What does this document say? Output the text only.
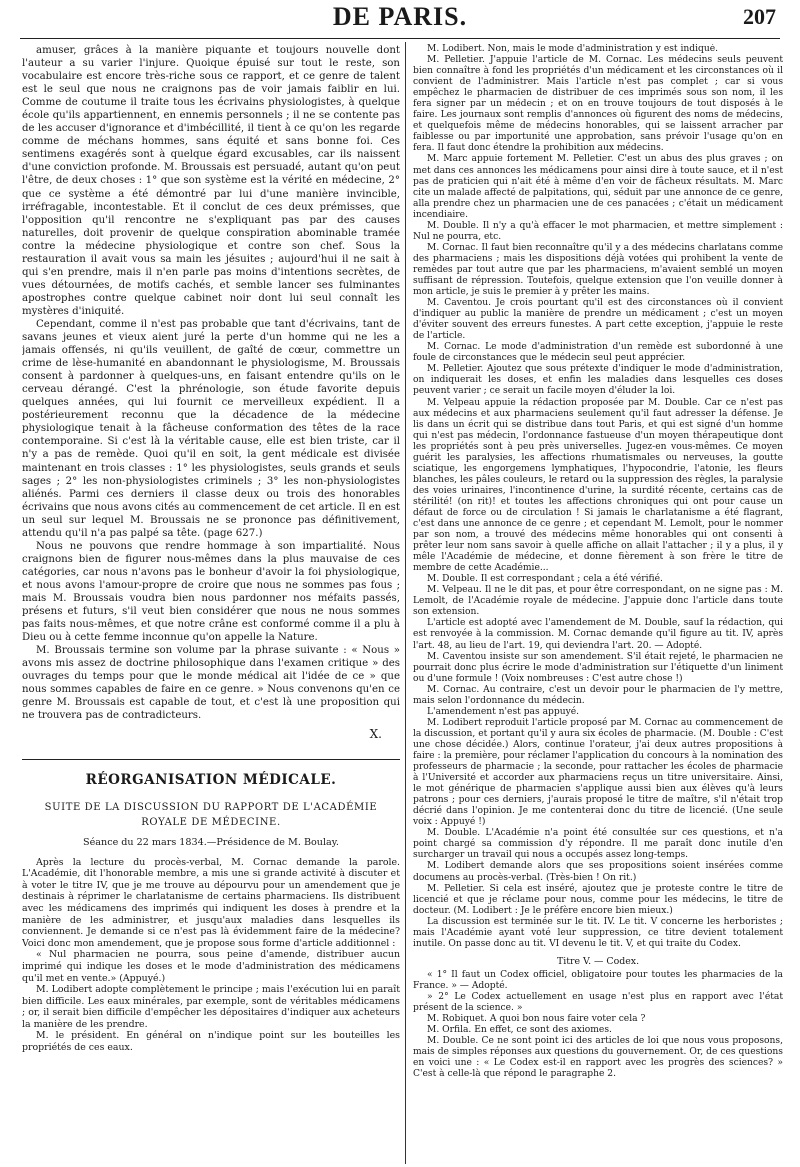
DE PARIS.	207

amuser, grâces à la manière piquante et toujours nouvelle dont l'auteur a su varier l'injure. Quoique épuisé sur tout le reste, son vocabulaire est encore très-riche sous ce rapport, et ce genre de talent est le seul que nous ne craignons pas de voir jamais faiblir en lui. Comme de coutume il traite tous les écrivains physiologistes, à quelque école qu'ils appartiennent, en ennemis personnels ; il ne se contente pas de les accuser d'ignorance et d'imbécillité, il tient à ce qu'on les regarde comme de méchans hommes, sans équité et sans bonne foi. Ces sentimens exagérés sont à quelque égard excusables, car ils naissent d'une conviction profonde. M. Broussais est persuadé, autant qu'on peut l'être, de deux choses : 1° que son système est la vérité en médecine, 2° que ce système a été démontré par lui d'une manière invincible, irréfragable, incontestable. Et il conclut de ces deux prémisses, que l'opposition qu'il rencontre ne s'expliquant pas par des causes naturelles, doit provenir de quelque conspiration abominable tramée contre la médecine physiologique et contre son chef. Sous la restauration il avait vous sa main les jésuites ; aujourd'hui il ne sait à qui s'en prendre, mais il n'en parle pas moins d'intentions secrètes, de vues détournées, de motifs cachés, et semble lancer ses fulminantes apostrophes contre quelque cabinet noir dont lui seul connaît les mystères d'iniquité.

Cependant, comme il n'est pas probable que tant d'écrivains, tant de savans jeunes et vieux aient juré la perte d'un homme qui ne les a jamais offensés, ni qu'ils veuillent, de gaîté de cœur, commettre un crime de lèse-humanité en abandonnant le physiologisme, M. Broussais consent à pardonner à quelques-uns, en faisant entendre qu'ils on le cerveau dérangé. C'est la phrénologie, son étude favorite depuis quelques années, qui lui fournit ce merveilleux expédient. Il a postérieurement reconnu que la décadence de la médecine physiologique tenait à la fâcheuse conformation des têtes de la race contemporaine. Si c'est là la véritable cause, elle est bien triste, car il n'y a pas de remède. Quoi qu'il en soit, la gent médicale est divisée maintenant en trois classes : 1° les physiologistes, seuls grands et seuls sages ; 2° les non-physiologistes criminels ; 3° les non-physiologistes aliénés. Parmi ces derniers il classe deux ou trois des honorables écrivains que nous avons cités au commencement de cet article. Il en est un seul sur lequel M. Broussais ne se prononce pas définitivement, attendu qu'il n'a pas palpé sa tête. (page 627.)

Nous ne pouvons que rendre hommage à son impartialité. Nous craignons bien de figurer nous-mêmes dans la plus mauvaise de ces catégories, car nous n'avons pas le bonheur d'avoir la foi physiologique, et nous avons l'amour-propre de croire que nous ne sommes pas fous ; mais M. Broussais voudra bien nous pardonner nos méfaits passés, présens et futurs, s'il veut bien considérer que nous ne nous sommes pas faits nous-mêmes, et que notre crâne est conformé comme il a plu à Dieu ou à cette femme inconnue qu'on appelle la Nature.

M. Broussais termine son volume par la phrase suivante : « Nous » avons mis assez de doctrine philosophique dans l'examen critique » des ouvrages du temps pour que le monde médical ait l'idée de ce » que nous sommes capables de faire en ce genre. » Nous convenons qu'en ce genre M. Broussais est capable de tout, et c'est là une proposition qui ne trouvera pas de contradicteurs.

X.
RÉORGANISATION MÉDICALE.
SUITE DE LA DISCUSSION DU RAPPORT DE L'ACADÉMIE
ROYALE DE MÉDECINE.
Séance du 22 mars 1834.—Présidence de M. Boulay.

Après la lecture du procès-verbal, M. Cornac demande la parole. L'Académie, dit l'honorable membre, a mis une si grande activité à discuter et à voter le titre IV, que je me trouve au dépourvu pour un amendement que je destinais à réprimer le charlatanisme de certains pharmaciens. Ils distribuent avec les médicamens des imprimés qui indiquent les doses à prendre et la manière de les administrer, et jusqu'aux maladies dans lesquelles ils conviennent. Je demande si ce n'est pas là évidemment faire de la médecine? Voici donc mon amendement, que je propose sous forme d'article additionnel :

« Nul pharmacien ne pourra, sous peine d'amende, distribuer aucun imprimé qui indique les doses et le mode d'administration des médicamens qu'il met en vente.» (Appuyé.)

M. Lodibert adopte complètement le principe ; mais l'exécution lui en paraît bien difficile. Les eaux minérales, par exemple, sont de véritables médicamens ; or, il serait bien difficile d'empêcher les dépositaires d'indiquer aux acheteurs la manière de les prendre.

M. le président. En général on n'indique point sur les bouteilles les propriétés de ces eaux.

M. Lodibert. Non, mais le mode d'administration y est indiqué.

M. Pelletier. J'appuie l'article de M. Cornac. Les médecins seuls peuvent bien connaître à fond les propriétés d'un médicament et les circonstances où il convient de l'administrer. Mais l'article n'est pas complet ; car si vous empêchez le pharmacien de distribuer de ces imprimés sous son nom, il les fera signer par un médecin ; et on en trouve toujours de tout disposés à le faire. Les journaux sont remplis d'annonces où figurent des noms de médecins, et quelquefois même de médecins honorables, qui se laissent arracher par faiblesse ou par importunité une approbation, sans prévoir l'usage qu'on en fera. Il faut donc étendre la prohibition aux médecins.

M. Marc appuie fortement M. Pelletier. C'est un abus des plus graves ; on met dans ces annonces les médicamens pour ainsi dire à toute sauce, et il n'est pas de praticien qui n'ait été à même d'en voir de fâcheux résultats. M. Marc cite un malade affecté de palpitations, qui, séduit par une annonce de ce genre, alla prendre chez un pharmacien une de ces panacées ; c'était un médicament incendiaire.

M. Double. Il n'y a qu'à effacer le mot pharmacien, et mettre simplement : Nul ne pourra, etc.

M. Cornac. Il faut bien reconnaître qu'il y a des médecins charlatans comme des pharmaciens ; mais les dispositions déjà votées qui prohibent la vente de remèdes par tout autre que par les pharmaciens, m'avaient semblé un moyen suffisant de répression. Toutefois, quelque extension que l'on veuille donner à mon article, je suis le premier à y prêter les mains.

M. Caventou. Je crois pourtant qu'il est des circonstances où il convient d'indiquer au public la manière de prendre un médicament ; c'est un moyen d'éviter souvent des erreurs funestes. A part cette exception, j'appuie le reste de l'article.

M. Cornac. Le mode d'administration d'un remède est subordonné à une foule de circonstances que le médecin seul peut apprécier.

M. Pelletier. Ajoutez que sous prétexte d'indiquer le mode d'administration, on indiquerait les doses, et enfin les maladies dans lesquelles ces doses peuvent varier ; ce serait un facile moyen d'éluder la loi.

M. Velpeau appuie la rédaction proposée par M. Double. Car ce n'est pas aux médecins et aux pharmaciens seulement qu'il faut adresser la défense. Je lis dans un écrit qui se distribue dans tout Paris, et qui est signé d'un homme qui n'est pas médecin, l'ordonnance fastueuse d'un moyen thérapeutique dont les propriétés sont à peu près universelles. Jugez-en vous-mêmes. Ce moyen guérit les paralysies, les affections rhumatismales ou nerveuses, la goutte sciatique, les engorgemens lymphatiques, l'hypocondrie, l'atonie, les fleurs blanches, les pâles couleurs, le retard ou la suppression des règles, la paralysie des voies urinaires, l'incontinence d'urine, la surdité récente, certains cas de stérilité! (on rit)! et toutes les affections chroniques qui ont pour cause un défaut de force ou de circulation ! Si jamais le charlatanisme a été flagrant, c'est dans une annonce de ce genre ; et cependant M. Lemolt, pour le nommer par son nom, a trouvé des médecins même honorables qui ont consenti à prêter leur nom sans savoir à quelle affiche on allait l'attacher ; il y a plus, il y mêle l'Académie de médecine, et donne fièrement à son frère le titre de membre de cette Académie...

M. Double. Il est correspondant ; cela a été vérifié.

M. Velpeau. Il ne le dit pas, et pour être correspondant, on ne signe pas : M. Lemolt, de l'Académie royale de médecine. J'appuie donc l'article dans toute son extension.

L'article est adopté avec l'amendement de M. Double, sauf la rédaction, qui est renvoyée à la commission. M. Cornac demande qu'il figure au tit. IV, après l'art. 48, au lieu de l'art. 19, qui deviendra l'art. 20. — Adopté.

M. Caventou insiste sur son amendement. S'il était rejeté, le pharmacien ne pourrait donc plus écrire le mode d'administration sur l'étiquette d'un liniment ou d'une formule ! (Voix nombreuses : C'est autre chose !)

M. Cornac. Au contraire, c'est un devoir pour le pharmacien de l'y mettre, mais selon l'ordonnance du médecin.

L'amendement n'est pas appuyé.

M. Lodibert reproduit l'article proposé par M. Cornac au commencement de la discussion, et portant qu'il y aura six écoles de pharmacie. (M. Double : C'est une chose décidée.) Alors, continue l'orateur, j'ai deux autres propositions à faire : la première, pour réclamer l'application du concours à la nomination des professeurs de pharmacie ; la seconde, pour rattacher les écoles de pharmacie à l'Université et accorder aux pharmaciens reçus un titre universitaire. Ainsi, le mot générique de pharmacien s'applique aussi bien aux élèves qu'à leurs patrons ; pour ces derniers, j'aurais proposé le titre de maître, s'il n'était trop décrié dans l'opinion. Je me contenterai donc du titre de licencié. (Une seule voix : Appuyé !)

M. Double. L'Académie n'a point été consultée sur ces questions, et n'a point chargé sa commission d'y répondre. Il me paraît donc inutile d'en surcharger un travail qui nous a occupés assez long-temps.

M. Lodibert demande alors que ses propositions soient insérées comme documens au procès-verbal. (Très-bien ! On rit.)

M. Pelletier. Si cela est inséré, ajoutez que je proteste contre le titre de licencié et que je réclame pour nous, comme pour les médecins, le titre de docteur. (M. Lodibert : Je le préfère encore bien mieux.)

La discussion est terminée sur le tit. IV. Le tit. V concerne les herboristes ; mais l'Académie ayant voté leur suppression, ce titre devient totalement inutile. On passe donc au tit. VI devenu le tit. V, et qui traite du Codex.

Titre V. — Codex.

« 1° Il faut un Codex officiel, obligatoire pour toutes les pharmacies de la France. » — Adopté.

» 2° Le Codex actuellement en usage n'est plus en rapport avec l'état présent de la science. »

M. Robiquet. A quoi bon nous faire voter cela ?

M. Orfila. En effet, ce sont des axiomes.

M. Double. Ce ne sont point ici des articles de loi que nous vous proposons, mais de simples réponses aux questions du gouvernement. Or, de ces questions en voici une : « Le Codex est-il en rapport avec les progrès des sciences? » C'est à celle-là que répond le paragraphe 2.
